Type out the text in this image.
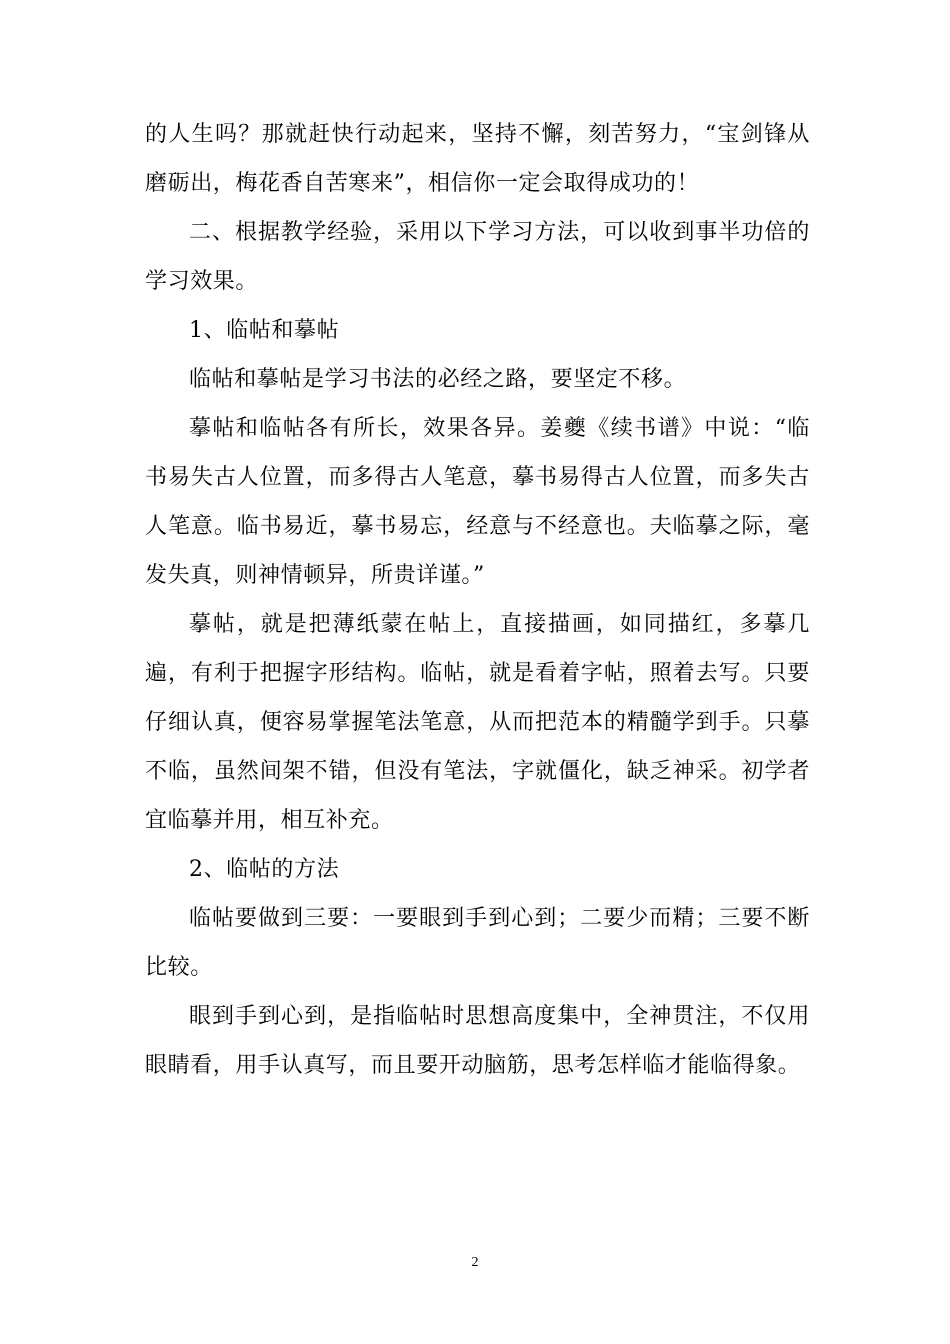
的人生吗？那就赶快行动起来，坚持不懈，刻苦努力，“宝剑锋从磨砺出，梅花香自苦寒来”，相信你一定会取得成功的！

二、根据教学经验，采用以下学习方法，可以收到事半功倍的学习效果。

1、临帖和摹帖

临帖和摹帖是学习书法的必经之路，要坚定不移。

摹帖和临帖各有所长，效果各异。姜夔《续书谱》中说：“临书易失古人位置，而多得古人笔意，摹书易得古人位置，而多失古人笔意。临书易近，摹书易忘，经意与不经意也。夫临摹之际，毫发失真，则神情顿异，所贵详谨。”

摹帖，就是把薄纸蒙在帖上，直接描画，如同描红，多摹几遍，有利于把握字形结构。临帖，就是看着字帖，照着去写。只要仔细认真，便容易掌握笔法笔意，从而把范本的精髓学到手。只摹不临，虽然间架不错，但没有笔法，字就僵化，缺乏神采。初学者宜临摹并用，相互补充。

2、临帖的方法

临帖要做到三要：一要眼到手到心到；二要少而精；三要不断比较。

眼到手到心到，是指临帖时思想高度集中，全神贯注，不仅用眼睛看，用手认真写，而且要开动脑筋，思考怎样临才能临得象。

2
